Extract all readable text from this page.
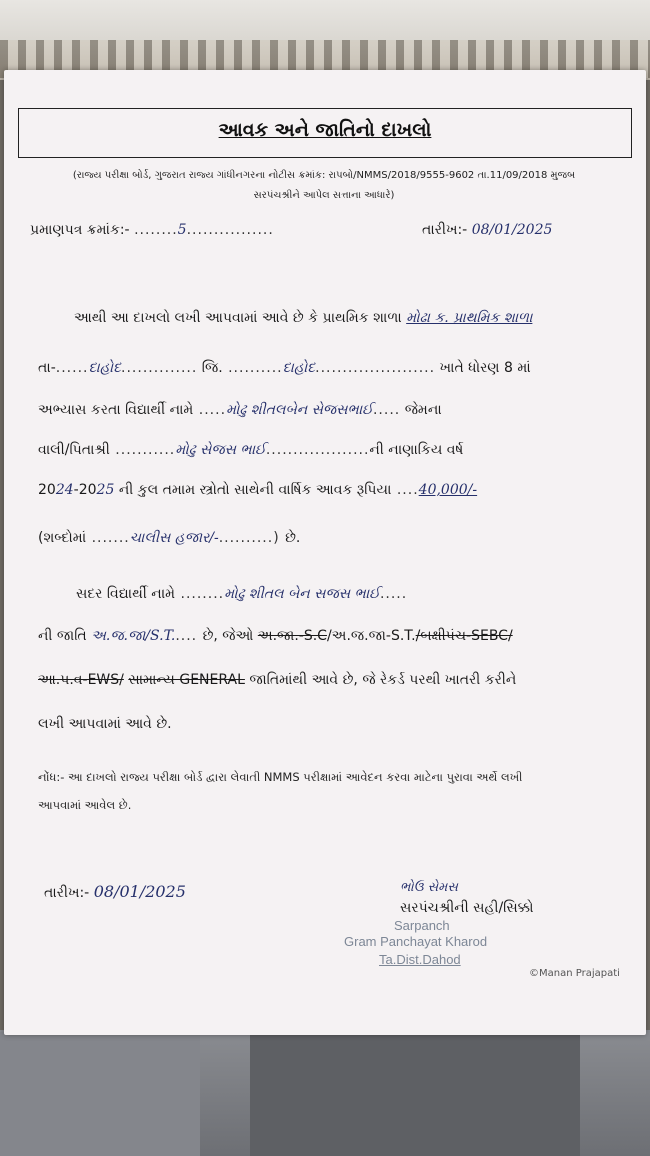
આવક અને જાતિનો દાખલો
(રાજ્ય પરીક્ષા બોર્ડ, ગુજરાત રાજ્ય ગાંધીનગરના નોટીસ ક્રમાંક: રાપબો/NMMS/2018/9555-9602 તા.11/09/2018 મુજબ
સરપંચશ્રીને આપેલ સત્તાના આધારે)
પ્રમાણપત્ર ક્રમાંક:- ........5................	તારીખ:- 08/01/2025
આથી આ દાખલો લખી આપવામાં આવે છે કે પ્રાથમિક શાળા મોઢા ક. પ્રાથમિક શાળા
તા-......દાહોદ.............. જિ. ..........દાહોદ...................... ખાતે ધોરણ 8 માં
અભ્યાસ કરતા વિદ્યાર્થી નામે .....મોઢુ શીતલબેન સેજસભાઈ..... જેમના
વાલી/પિતાશ્રી ...........મોઢુ સેજસ ભાઈ...................ની નાણાકિય વર્ષ
2024-2025 ની કુલ તમામ સ્ત્રોતો સાથેની વાર્ષિક આવક રૂપિયા ....40,000/-
(શબ્દોમાં .......ચાલીસ હજાર/-..........) છે.
સદર વિદ્યાર્થી નામે ........મોઢુ શીતલ બેન સજસ ભાઈ.....
ની જાતિ અ.જ.જા/S.T..... છે, જેઓ અ.જા.-S.C/અ.જ.જા-S.T./બક્ષીપંચ-SEBC/
આ.પ.વ-EWS/ સામાન્ય GENERAL જાતિમાંથી આવે છે, જે રેકર્ડ પરથી ખાતરી કરીને
લખી આપવામાં આવે છે.
નોંધ:- આ દાખલો રાજ્ય પરીક્ષા બોર્ડ દ્વારા લેવાતી NMMS પરીક્ષામાં આવેદન કરવા માટેના પુરાવા અર્થે લખી
આપવામાં આવેલ છે.
તારીખ:- 08/01/2025	ભોઉ સેમસ
સરપંચશ્રીની સહી/સિક્કો
Sarpanch
Gram Panchayat Kharod
Ta.Dist.Dahod
©Manan Prajapati
